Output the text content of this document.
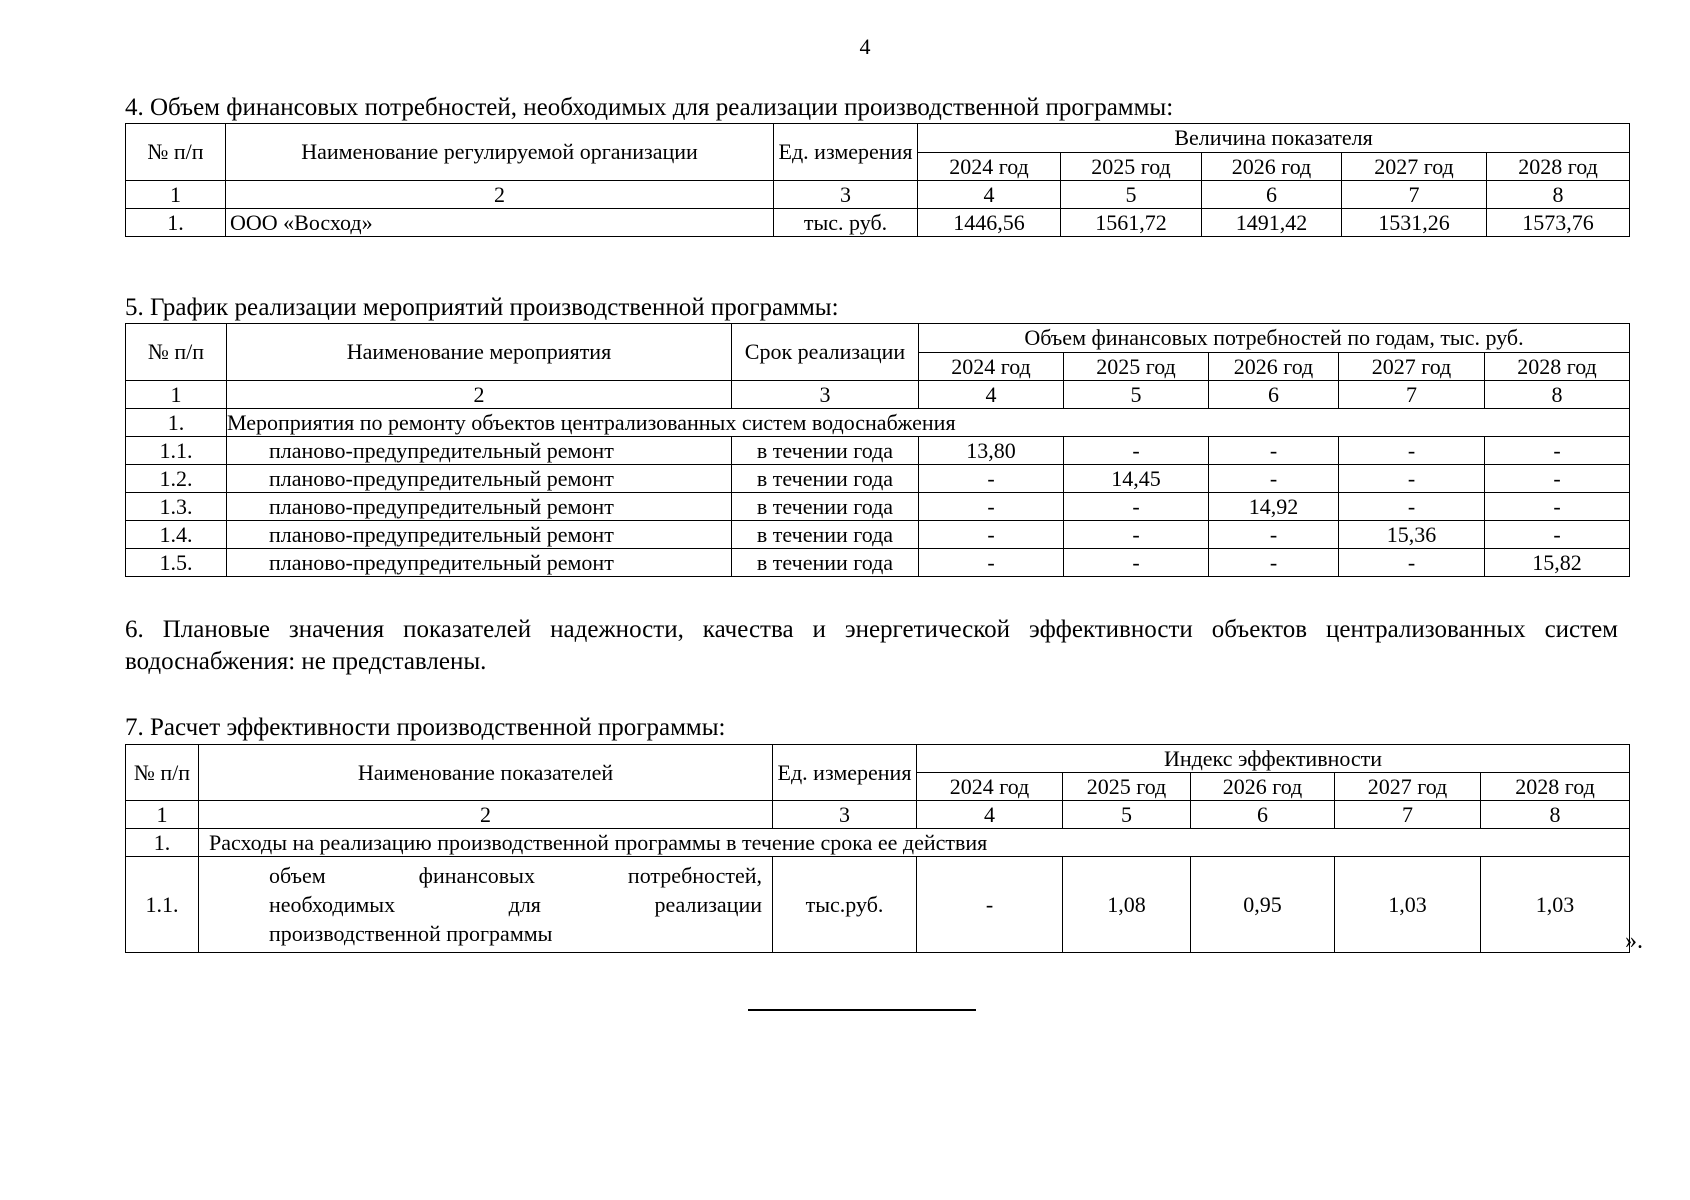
4
4. Объем финансовых потребностей, необходимых для реализации производственной программы:
№ п/п	Наименование регулируемой организации	Ед. измерения	Величина показателя				
			2024 год	2025 год	2026 год	2027 год	2028 год
1	2	3	4	5	6	7	8
1.	ООО «Восход»	тыс. руб.	1446,56	1561,72	1491,42	1531,26	1573,76
5. График реализации мероприятий производственной программы:
№ п/п	Наименование мероприятия	Срок реализации	Объем финансовых потребностей по годам, тыс. руб.				
			2024 год	2025 год	2026 год	2027 год	2028 год
1	2	3	4	5	6	7	8
1.	Мероприятия по ремонту объектов централизованных систем водоснабжения						
1.1.	планово-предупредительный ремонт	в течении года	13,80	-	-	-	-
1.2.	планово-предупредительный ремонт	в течении года	-	14,45	-	-	-
1.3.	планово-предупредительный ремонт	в течении года	-	-	14,92	-	-
1.4.	планово-предупредительный ремонт	в течении года	-	-	-	15,36	-
1.5.	планово-предупредительный ремонт	в течении года	-	-	-	-	15,82
6. Плановые значения показателей надежности, качества и энергетической эффективности объектов централизованных систем водоснабжения: не представлены.
7. Расчет эффективности производственной программы:
№ п/п	Наименование показателей	Ед. измерения	Индекс эффективности				
			2024 год	2025 год	2026 год	2027 год	2028 год
1	2	3	4	5	6	7	8
1.	Расходы на реализацию производственной программы в течение срока ее действия						
1.1.	объем финансовых потребностей,
необходимых для реализации
производственной программы	тыс.руб.	-	1,08	0,95	1,03	1,03
».
